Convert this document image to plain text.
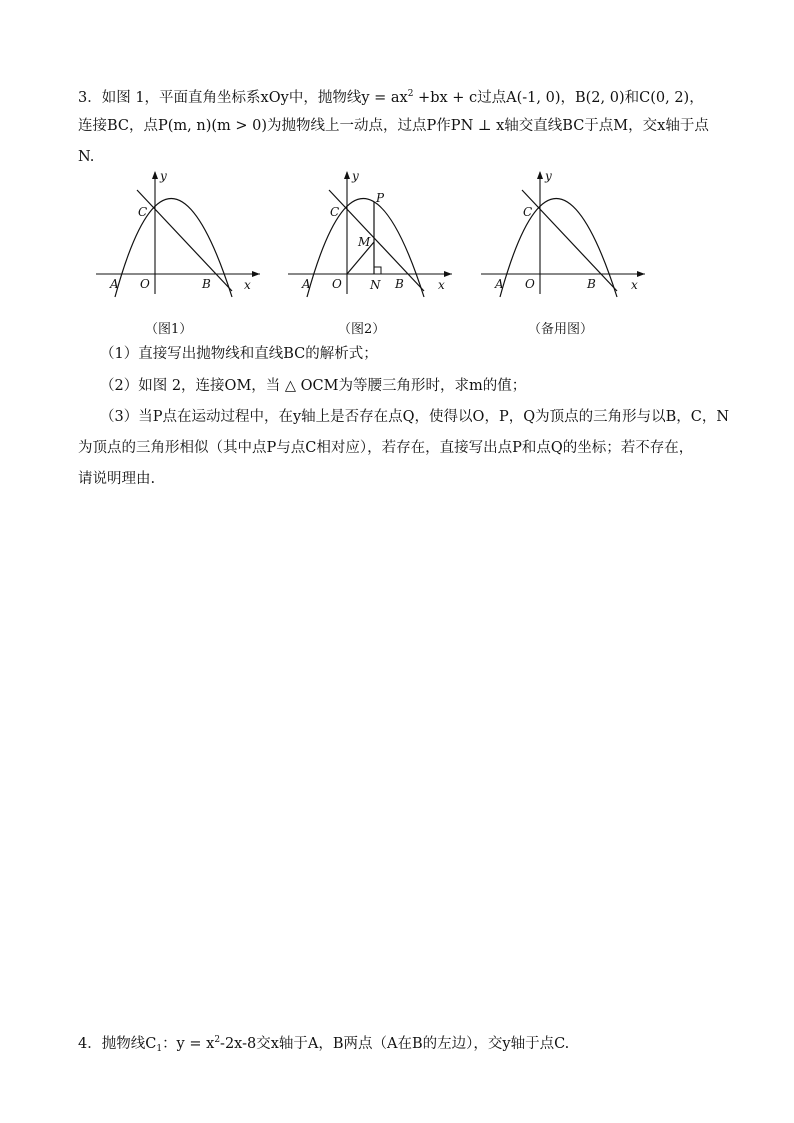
3．如图 1，平面直角坐标系xOy中，抛物线$y = ax^2 +bx + c$过点A(-1, 0)，B(2, 0)和C(0, 2)，
连接BC，点P(m, n)(m > 0)为抛物线上一动点，过点P作PN ⊥ x轴交直线BC于点M，交x轴于点
N.
y
x
C
O
A	B
（图1）
y
x
C
O
A	B
P
M
N
（图2）
y
x
C
O
A	B
（备用图）
（1）直接写出抛物线和直线BC的解析式；
（2）如图 2，连接OM，当 △ OCM为等腰三角形时，求m的值；
（3）当P点在运动过程中，在y轴上是否存在点Q，使得以O，P，Q为顶点的三角形与以B，C，N
为顶点的三角形相似（其中点P与点C相对应），若存在，直接写出点P和点Q的坐标；若不存在，
请说明理由.
4．抛物线$C_1$：$y = x^2-2x-8$交x轴于A，B两点（A在B的左边），交y轴于点C.
